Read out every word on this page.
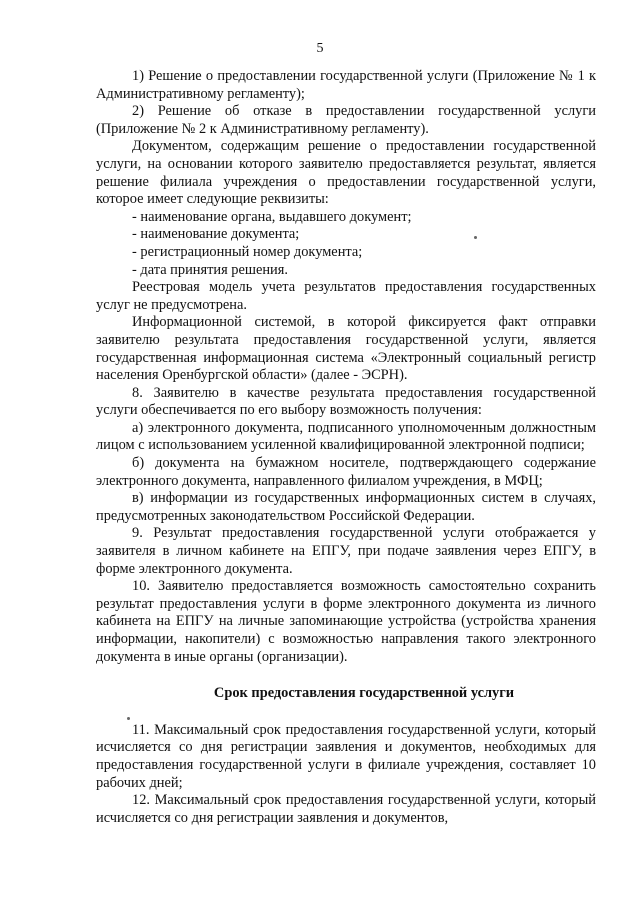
5

1) Решение о предоставлении государственной услуги (Приложение № 1 к Административному регламенту);

2) Решение об отказе в предоставлении государственной услуги (Приложение № 2 к Административному регламенту).

Документом, содержащим решение о предоставлении государственной услуги, на основании которого заявителю предоставляется результат, является решение филиала учреждения о предоставлении государственной услуги, которое имеет следующие реквизиты:

- наименование органа, выдавшего документ;

- наименование документа;

- регистрационный номер документа;

- дата принятия решения.

Реестровая модель учета результатов предоставления государственных услуг не предусмотрена.

Информационной системой, в которой фиксируется факт отправки заявителю результата предоставления государственной услуги, является государственная информационная система «Электронный социальный регистр населения Оренбургской области» (далее - ЭСРН).

8. Заявителю в качестве результата предоставления государственной услуги обеспечивается по его выбору возможность получения:

а) электронного документа, подписанного уполномоченным должностным лицом с использованием усиленной квалифицированной электронной подписи;

б) документа на бумажном носителе, подтверждающего содержание электронного документа, направленного филиалом учреждения, в МФЦ;

в) информации из государственных информационных систем в случаях, предусмотренных законодательством Российской Федерации.

9. Результат предоставления государственной услуги отображается у заявителя в личном кабинете на ЕПГУ, при подаче заявления через ЕПГУ, в форме электронного документа.

10. Заявителю предоставляется возможность самостоятельно сохранить результат предоставления услуги в форме электронного документа из личного кабинета на ЕПГУ на личные запоминающие устройства (устройства хранения информации, накопители) с возможностью направления такого электронного документа в иные органы (организации).

Срок предоставления государственной услуги

11. Максимальный срок предоставления государственной услуги, который исчисляется со дня регистрации заявления и документов, необходимых для предоставления государственной услуги в филиале учреждения, составляет 10 рабочих дней;

12. Максимальный срок предоставления государственной услуги, который исчисляется со дня регистрации заявления и документов,
